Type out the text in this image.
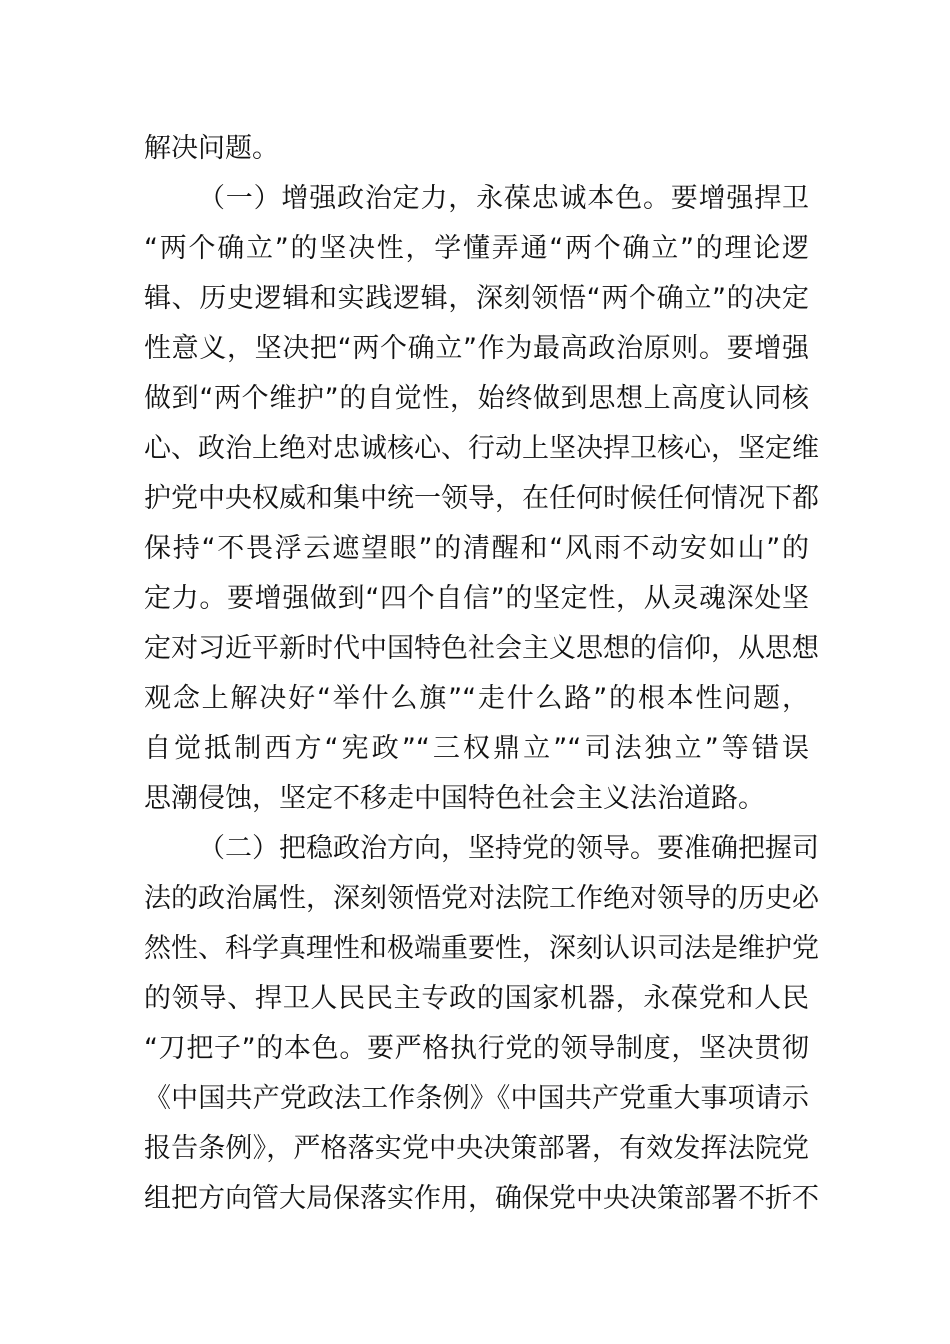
解决问题。
（一）增强政治定力，永葆忠诚本色。要增强捍卫
“两个确立”的坚决性，学懂弄通“两个确立”的理论逻
辑、历史逻辑和实践逻辑，深刻领悟“两个确立”的决定
性意义，坚决把“两个确立”作为最高政治原则。要增强
做到“两个维护”的自觉性，始终做到思想上高度认同核
心、政治上绝对忠诚核心、行动上坚决捍卫核心，坚定维
护党中央权威和集中统一领导，在任何时候任何情况下都
保持“不畏浮云遮望眼”的清醒和“风雨不动安如山”的
定力。要增强做到“四个自信”的坚定性，从灵魂深处坚
定对习近平新时代中国特色社会主义思想的信仰，从思想
观念上解决好“举什么旗”“走什么路”的根本性问题，
自觉抵制西方“宪政”“三权鼎立”“司法独立”等错误
思潮侵蚀，坚定不移走中国特色社会主义法治道路。
（二）把稳政治方向，坚持党的领导。要准确把握司
法的政治属性，深刻领悟党对法院工作绝对领导的历史必
然性、科学真理性和极端重要性，深刻认识司法是维护党
的领导、捍卫人民民主专政的国家机器，永葆党和人民
“刀把子”的本色。要严格执行党的领导制度，坚决贯彻
《中国共产党政法工作条例》《中国共产党重大事项请示
报告条例》，严格落实党中央决策部署，有效发挥法院党
组把方向管大局保落实作用，确保党中央决策部署不折不
